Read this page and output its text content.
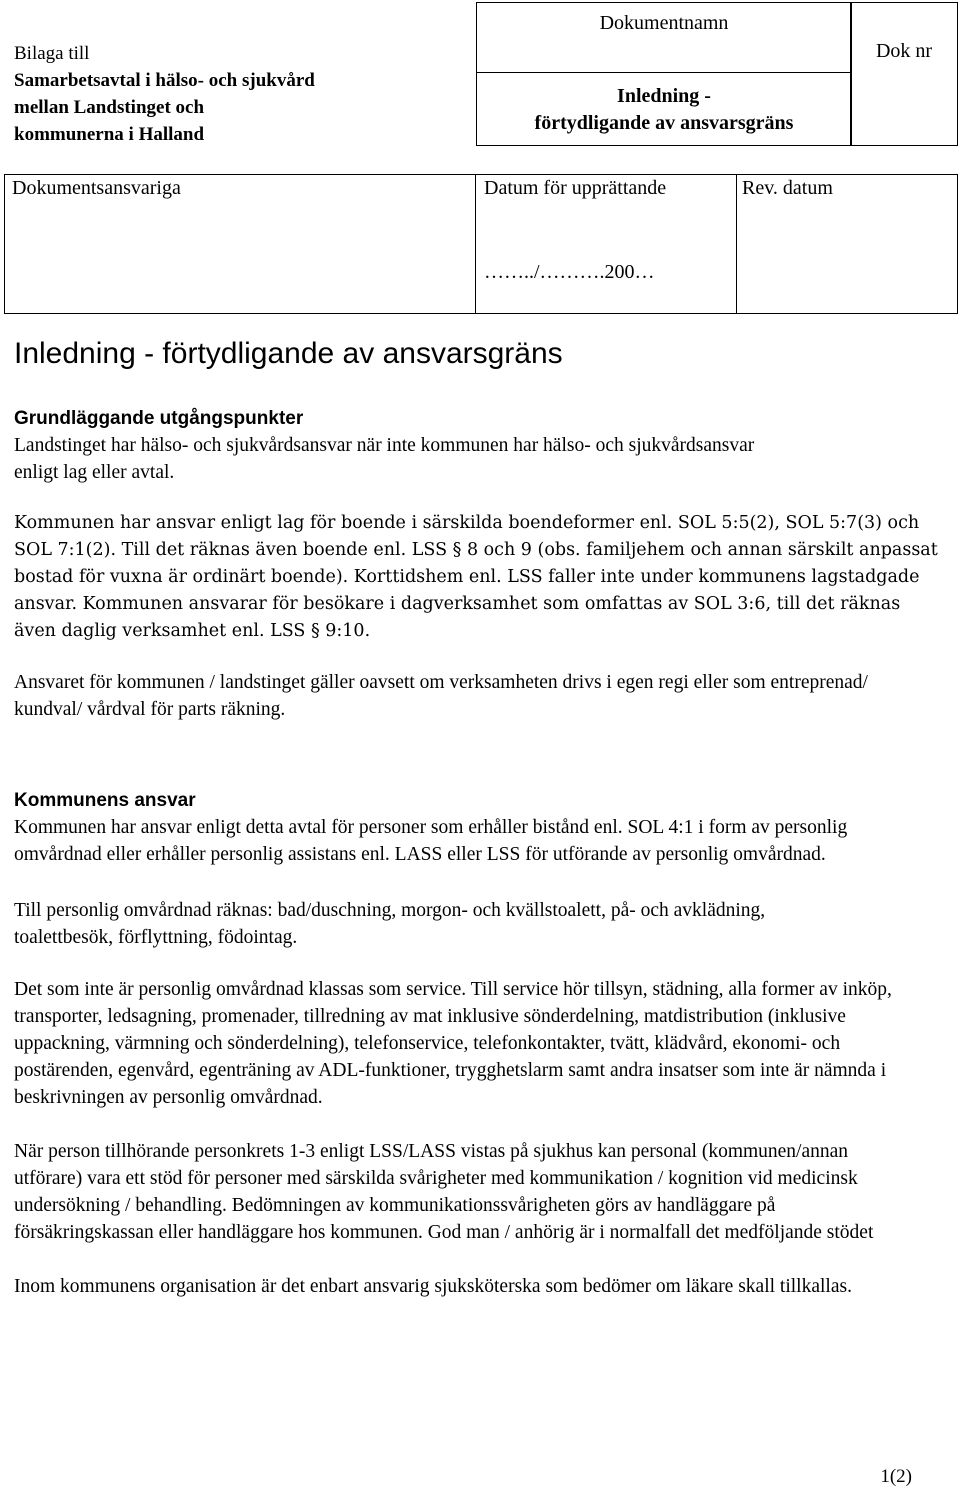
Bilaga till
Samarbetsavtal i hälso- och sjukvård
mellan Landstinget och
kommunerna i Halland
Dokumentnamn
Inledning -
förtydligande av ansvarsgräns
Dok nr
Dokumentsansvariga	Datum för upprättande	Rev. datum
……../……….200…
Inledning - förtydligande av ansvarsgräns
Grundläggande utgångspunkter

Landstinget har hälso- och sjukvårdsansvar när inte kommunen har hälso- och sjukvårdsansvar enligt lag eller avtal.

Kommunen har ansvar enligt lag för boende i särskilda boendeformer enl. SOL 5:5(2), SOL 5:7(3) och SOL 7:1(2). Till det räknas även boende enl. LSS § 8 och 9 (obs. familjehem och annan särskilt anpassat bostad för vuxna är ordinärt boende). Korttidshem enl. LSS faller inte under kommunens lagstadgade ansvar. Kommunen ansvarar för besökare i dagverksamhet som omfattas av SOL 3:6, till det räknas även daglig verksamhet enl. LSS § 9:10.

Ansvaret för kommunen / landstinget gäller oavsett om verksamheten drivs i egen regi eller som entreprenad/ kundval/ vårdval för parts räkning.

Kommunens ansvar

Kommunen har ansvar enligt detta avtal för personer som erhåller bistånd enl. SOL 4:1 i form av personlig omvårdnad eller erhåller personlig assistans enl. LASS eller LSS för utförande av personlig omvårdnad.

Till personlig omvårdnad räknas: bad/duschning, morgon- och kvällstoalett, på- och avklädning, toalettbesök, förflyttning, födointag.

Det som inte är personlig omvårdnad klassas som service. Till service hör tillsyn, städning, alla former av inköp, transporter, ledsagning, promenader, tillredning av mat inklusive sönderdelning, matdistribution (inklusive uppackning, värmning och sönderdelning), telefonservice, telefonkontakter, tvätt, klädvård, ekonomi- och postärenden, egenvård, egenträning av ADL-funktioner, trygghetslarm samt andra insatser som inte är nämnda i beskrivningen av personlig omvårdnad.

När person tillhörande personkrets 1-3 enligt LSS/LASS vistas på sjukhus kan personal (kommunen/annan utförare) vara ett stöd för personer med särskilda svårigheter med kommunikation / kognition vid medicinsk undersökning / behandling. Bedömningen av kommunikationssvårigheten görs av handläggare på försäkringskassan eller handläggare hos kommunen. God man / anhörig är i normalfall det medföljande stödet

Inom kommunens organisation är det enbart ansvarig sjuksköterska som bedömer om läkare skall tillkallas.

1(2)
